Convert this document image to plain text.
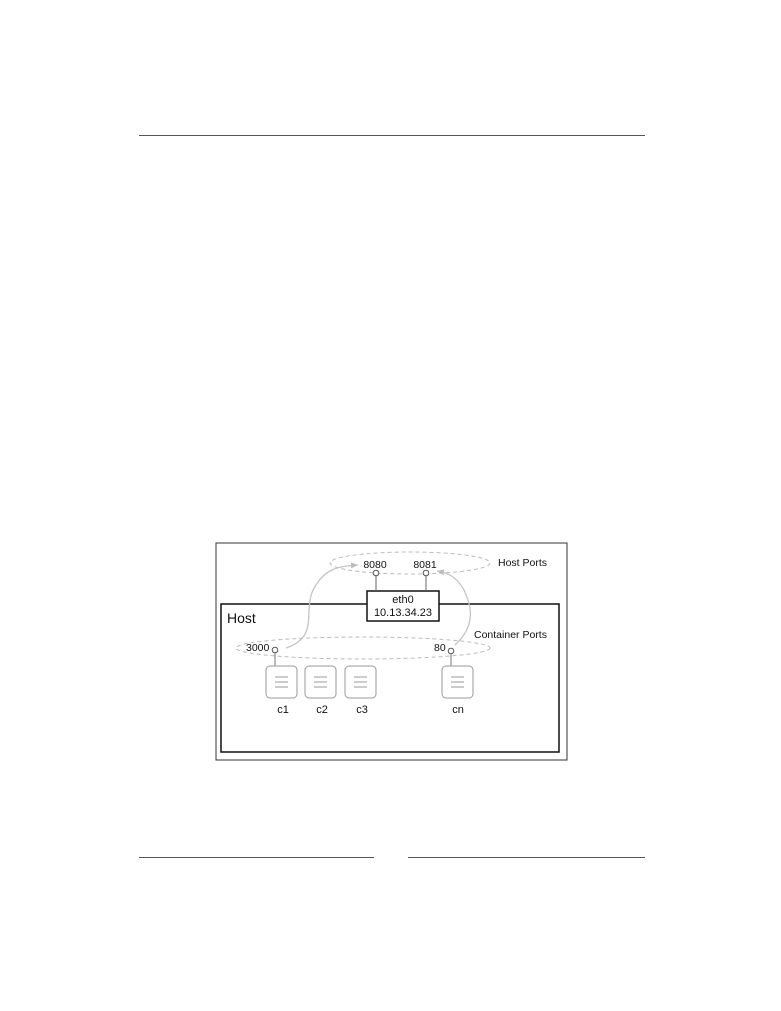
Host
Host Ports
Container Ports
eth0
10.13.34.23
8080	8081
3000	80
c1 c2	c3	cn
